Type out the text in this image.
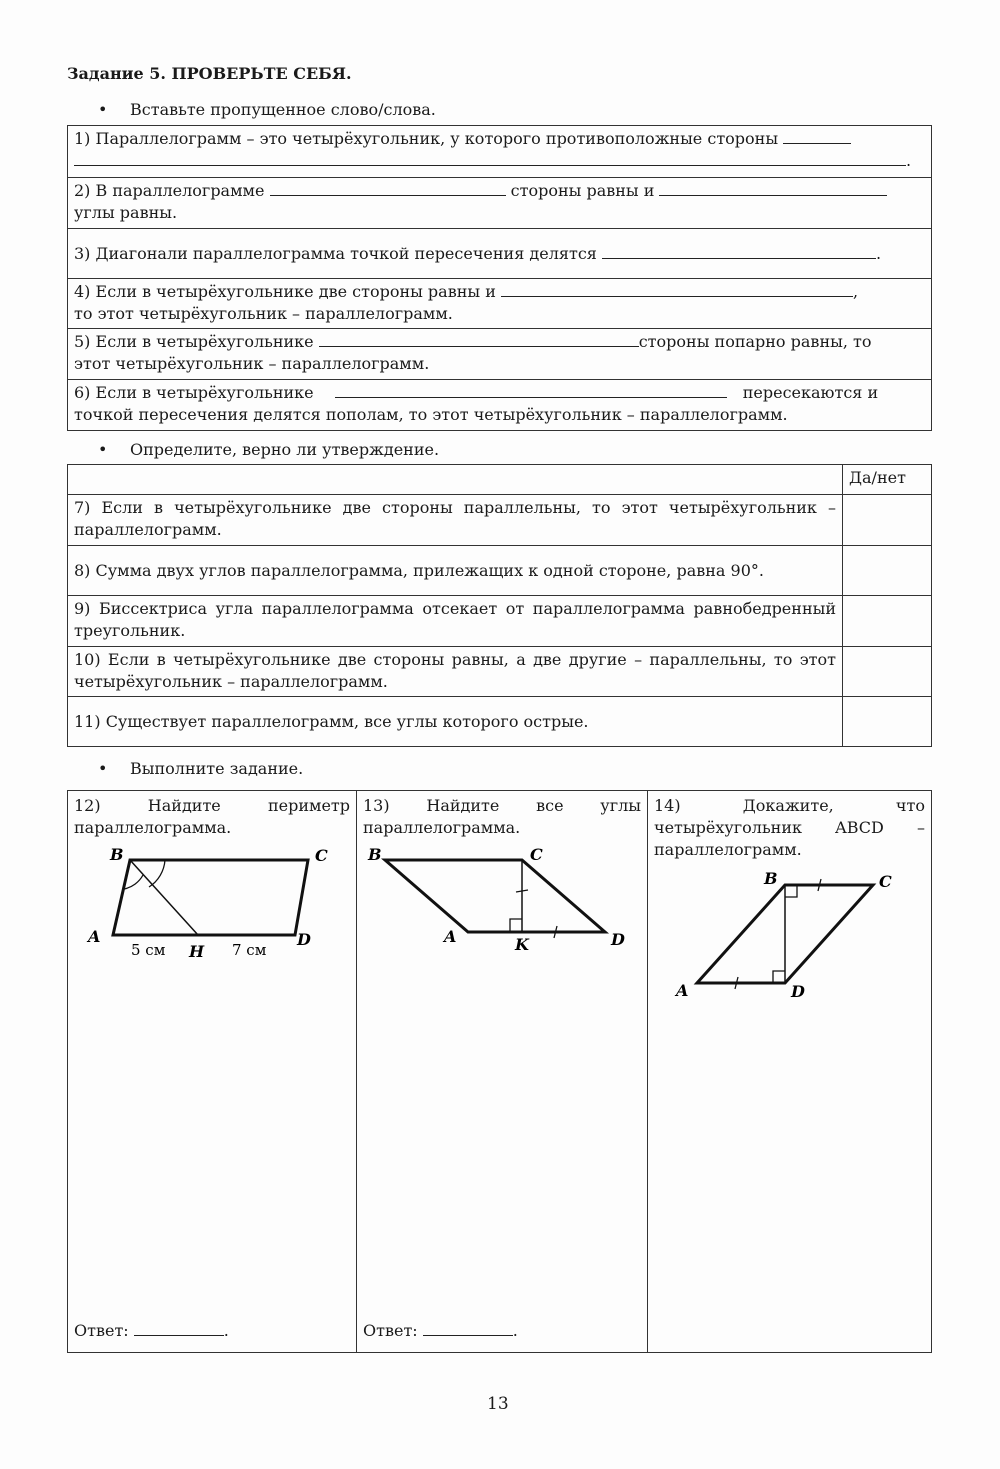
Задание 5. ПРОВЕРЬТЕ СЕБЯ.
• Вставьте пропущенное слово/слова.
1) Параллелограмм – это четырёхугольник, у которого противоположные стороны
.
2) В параллелограмме	стороны равны и
углы равны.
3) Диагонали параллелограмма точкой пересечения делятся	.
4) Если в четырёхугольнике две стороны равны и	,
то этот четырёхугольник – параллелограмм.
5) Если в четырёхугольнике	стороны попарно равны, то
этот четырёхугольник – параллелограмм.
6) Если в четырёхугольнике	пересекаются и
точкой пересечения делятся пополам, то этот четырёхугольник – параллелограмм.
• Определите, верно ли утверждение.
	Да/нет
7) Если в четырёхугольнике две стороны параллельны, то этот четырёхугольник – параллелограмм.	
8) Сумма двух углов параллелограмма, прилежащих к одной стороне, равна 90°.	
9) Биссектриса угла параллелограмма отсекает от параллелограмма равнобедренный треугольник.	
10) Если в четырёхугольнике две стороны равны, а две другие – параллельны, то этот четырёхугольник – параллелограмм.	
11) Существует параллелограмм, все углы которого острые.	
• Выполните задание.
12) Найдите периметр параллелограмма.
Ответ:	.

13) Найдите все углы параллелограмма.
Ответ:	.

14) Докажите, что четырёхугольник ABCD – параллелограмм.
B	C
A	D
H
5 см	7 см
B	C
A	K	D
B	C
A	D
13
